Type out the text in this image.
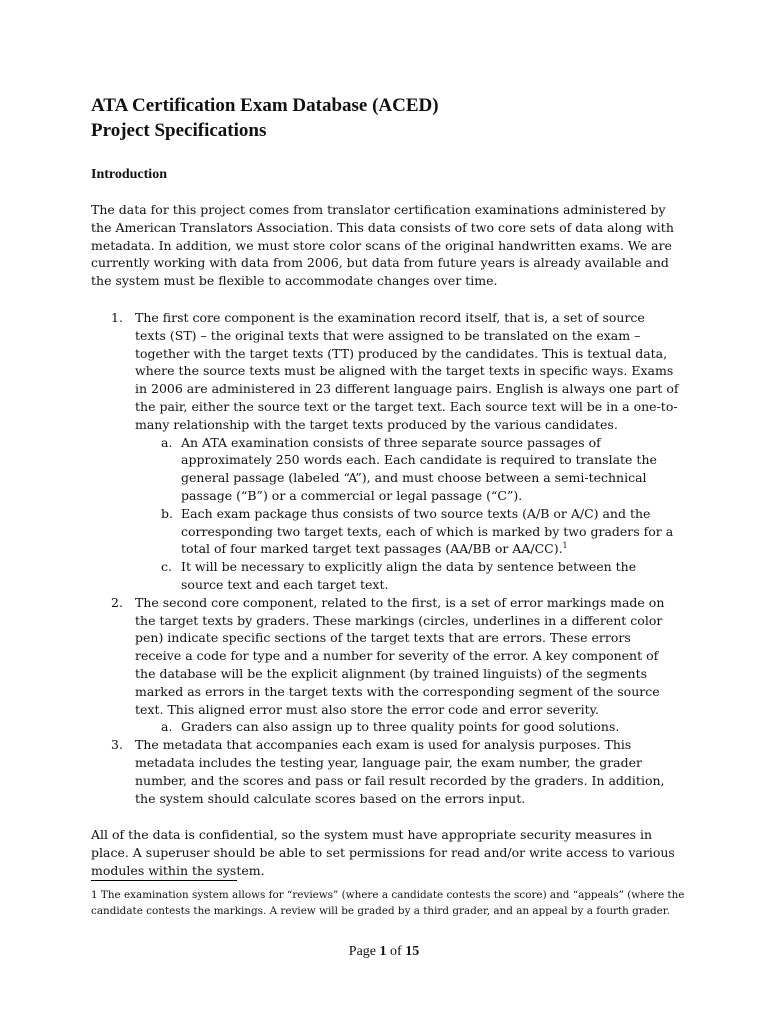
ATA Certification Exam Database (ACED)
Project Specifications
Introduction
The data for this project comes from translator certification examinations administered by the American Translators Association. This data consists of two core sets of data along with metadata. In addition, we must store color scans of the original handwritten exams. We are currently working with data from 2006, but data from future years is already available and the system must be flexible to accommodate changes over time.
1. The first core component is the examination record itself, that is, a set of source texts (ST) – the original texts that were assigned to be translated on the exam – together with the target texts (TT) produced by the candidates. This is textual data, where the source texts must be aligned with the target texts in specific ways. Exams in 2006 are administered in 23 different language pairs. English is always one part of the pair, either the source text or the target text. Each source text will be in a one-to-many relationship with the target texts produced by the various candidates.
a. An ATA examination consists of three separate source passages of approximately 250 words each. Each candidate is required to translate the general passage (labeled “A”), and must choose between a semi-technical passage (“B”) or a commercial or legal passage (“C”).
b. Each exam package thus consists of two source texts (A/B or A/C) and the corresponding two target texts, each of which is marked by two graders for a total of four marked target text passages (AA/BB or AA/CC).$^1$
c. It will be necessary to explicitly align the data by sentence between the source text and each target text.
2. The second core component, related to the first, is a set of error markings made on the target texts by graders. These markings (circles, underlines in a different color pen) indicate specific sections of the target texts that are errors. These errors receive a code for type and a number for severity of the error. A key component of the database will be the explicit alignment (by trained linguists) of the segments marked as errors in the target texts with the corresponding segment of the source text. This aligned error must also store the error code and error severity.
a. Graders can also assign up to three quality points for good solutions.
3. The metadata that accompanies each exam is used for analysis purposes. This metadata includes the testing year, language pair, the exam number, the grader number, and the scores and pass or fail result recorded by the graders. In addition, the system should calculate scores based on the errors input.
All of the data is confidential, so the system must have appropriate security measures in place. A superuser should be able to set permissions for read and/or write access to various modules within the system.
1 The examination system allows for “reviews” (where a candidate contests the score) and “appeals” (where the candidate contests the markings. A review will be graded by a third grader, and an appeal by a fourth grader.
Page 1 of 15
